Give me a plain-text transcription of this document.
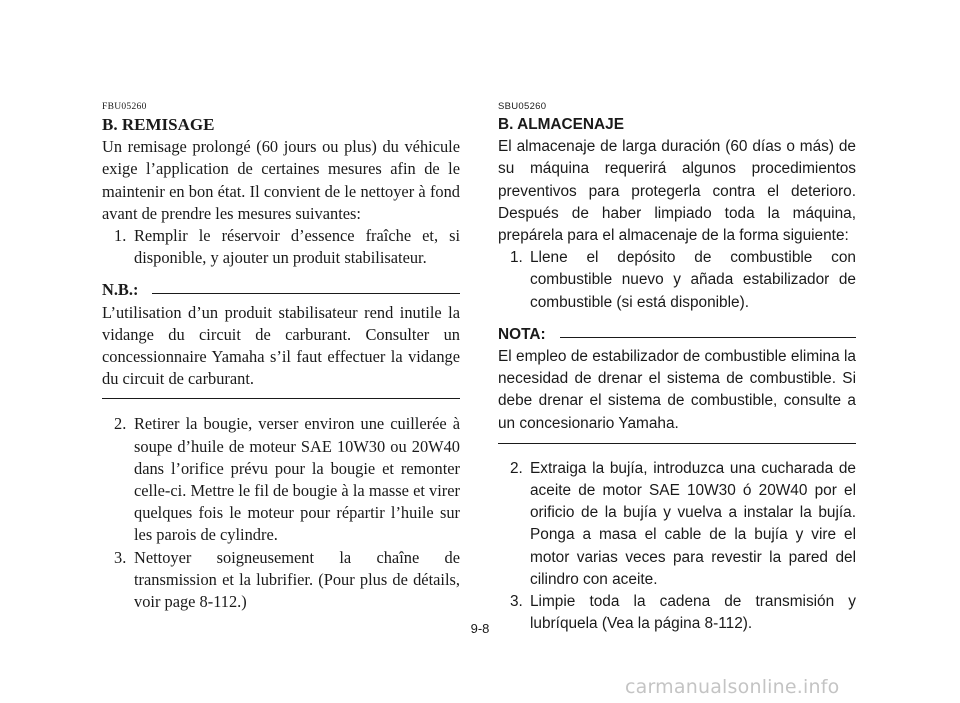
FBU05260
B. REMISAGE

Un remisage prolongé (60 jours ou plus) du véhicule exige l’application de certaines mesures afin de le maintenir en bon état. Il convient de le nettoyer à fond avant de prendre les mesures suivantes:

1. Remplir le réservoir d’essence fraîche et, si disponible, y ajouter un produit stabilisateur.
N.B.:

L’utilisation d’un produit stabilisateur rend inutile la vidange du circuit de carburant. Consulter un concessionnaire Yamaha s’il faut effectuer la vidange du circuit de carburant.

2. Retirer la bougie, verser environ une cuillerée à soupe d’huile de moteur SAE 10W30 ou 20W40 dans l’orifice prévu pour la bougie et remonter celle-ci. Mettre le fil de bougie à la masse et virer quelques fois le moteur pour répartir l’huile sur les parois de cylindre.
3. Nettoyer soigneusement la chaîne de transmission et la lubrifier. (Pour plus de détails, voir page 8-112.)
SBU05260
B. ALMACENAJE

El almacenaje de larga duración (60 días o más) de su máquina requerirá algunos procedimientos preventivos para protegerla contra el deterioro. Después de haber limpiado toda la máquina, prepárela para el almacenaje de la forma siguiente:

1. Llene el depósito de combustible con combustible nuevo y añada estabilizador de combustible (si está disponible).
NOTA:

El empleo de estabilizador de combustible elimina la necesidad de drenar el sistema de combustible. Si debe drenar el sistema de combustible, consulte a un concesionario Yamaha.

2. Extraiga la bujía, introduzca una cucharada de aceite de motor SAE 10W30 ó 20W40 por el orificio de la bujía y vuelva a instalar la bujía. Ponga a masa el cable de la bujía y vire el motor varias veces para revestir la pared del cilindro con aceite.
3. Limpie toda la cadena de transmisión y lubríquela (Vea la página 8-112).
9-8
carmanualsonline.info
